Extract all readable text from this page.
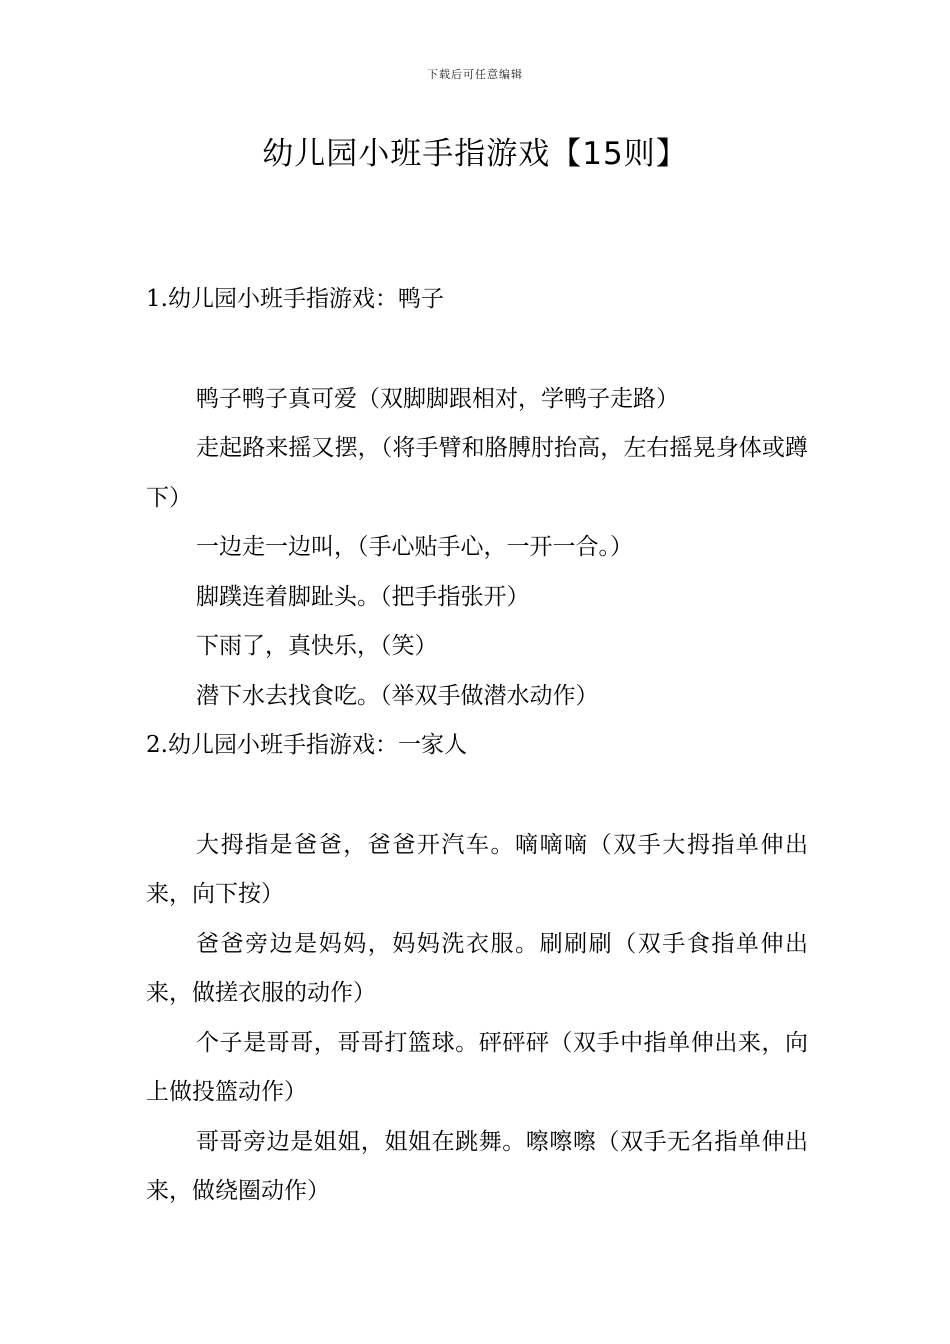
下载后可任意编辑
幼儿园小班手指游戏【15则】

1.幼儿园小班手指游戏：鸭子

鸭子鸭子真可爱（双脚脚跟相对，学鸭子走路）

走起路来摇又摆，（将手臂和胳膊肘抬高，左右摇晃身体或蹲下）

一边走一边叫，（手心贴手心，一开一合。）

脚蹼连着脚趾头。（把手指张开）

下雨了，真快乐，（笑）

潜下水去找食吃。（举双手做潜水动作）

2.幼儿园小班手指游戏：一家人

大拇指是爸爸，爸爸开汽车。嘀嘀嘀（双手大拇指单伸出来，向下按）

爸爸旁边是妈妈，妈妈洗衣服。刷刷刷（双手食指单伸出来，做搓衣服的动作）

个子是哥哥，哥哥打篮球。砰砰砰（双手中指单伸出来，向上做投篮动作）

哥哥旁边是姐姐，姐姐在跳舞。嚓嚓嚓（双手无名指单伸出来，做绕圈动作）
